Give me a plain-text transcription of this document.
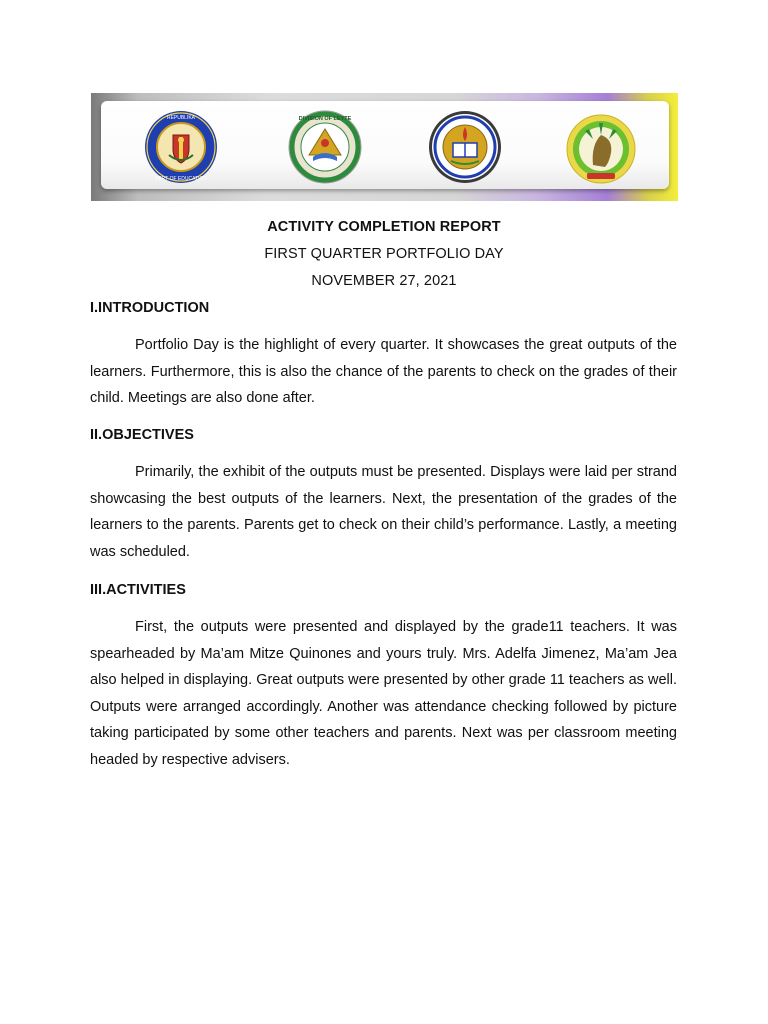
REPUBLIKA
DEPT OF EDUCATION
DIVISION OF LEYTE
ACTIVITY COMPLETION REPORT
FIRST QUARTER PORTFOLIO DAY
NOVEMBER 27, 2021
I.INTRODUCTION

Portfolio Day is the highlight of every quarter. It showcases the great outputs of the learners. Furthermore, this is also the chance of the parents to check on the grades of their child. Meetings are also done after.

II.OBJECTIVES

Primarily, the exhibit of the outputs must be presented. Displays were laid per strand showcasing the best outputs of the learners. Next, the presentation of the grades of the learners to the parents. Parents get to check on their child’s performance. Lastly, a meeting was scheduled.

III.ACTIVITIES

First, the outputs were presented and displayed by the grade11 teachers. It was spearheaded by Ma’am Mitze Quinones and yours truly. Mrs. Adelfa Jimenez, Ma’am Jea also helped in displaying. Great outputs were presented by other grade 11 teachers as well. Outputs were arranged accordingly. Another was attendance checking followed by picture taking participated by some other teachers and parents. Next was per classroom meeting headed by respective advisers.
